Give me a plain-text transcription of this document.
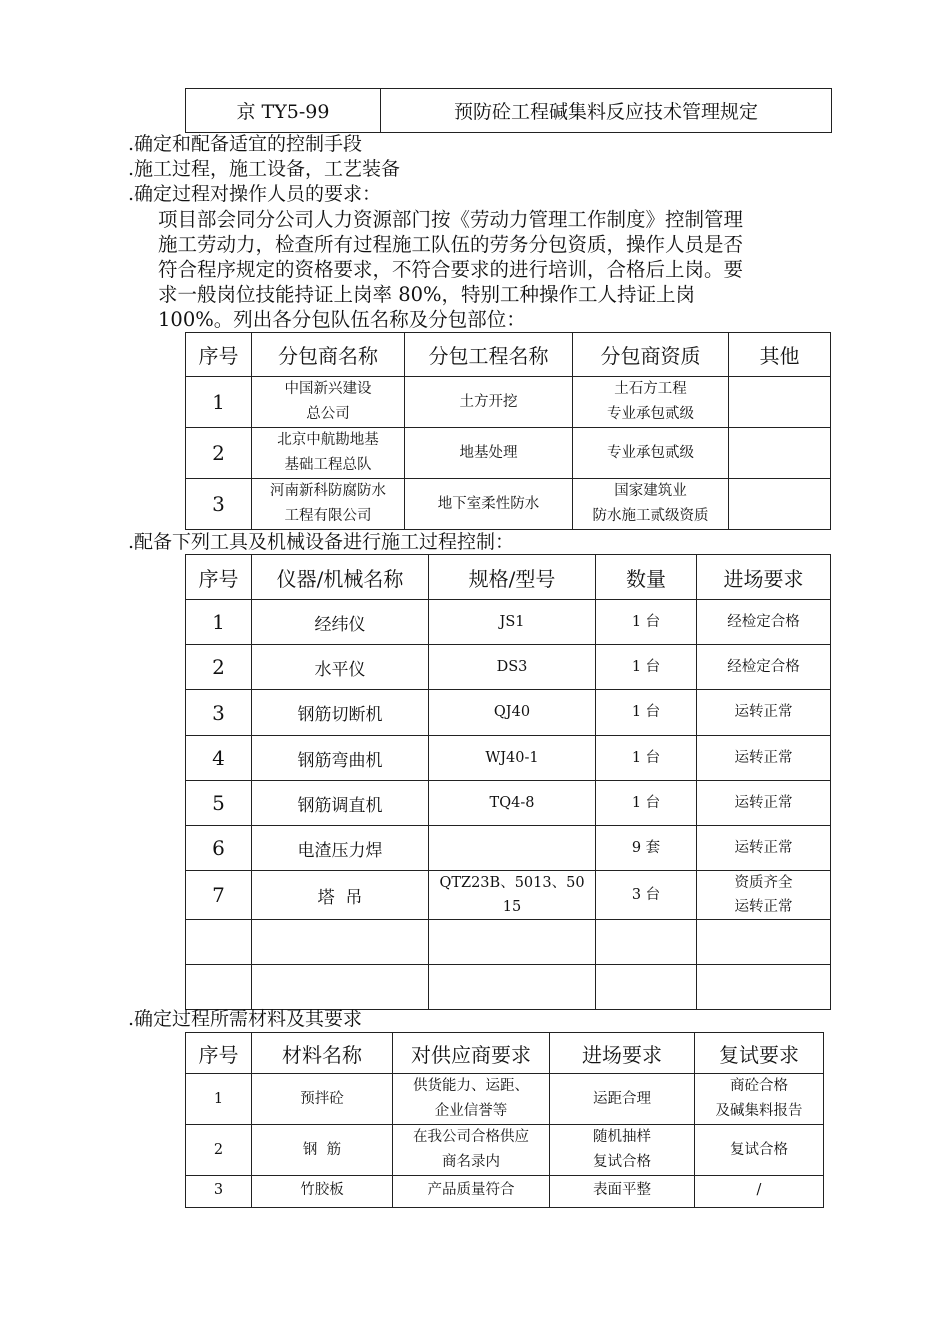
京 TY5-99	预防砼工程碱集料反应技术管理规定
.确定和配备适宜的控制手段
.施工过程，施工设备，工艺装备
.确定过程对操作人员的要求：
项目部会同分公司人力资源部门按《劳动力管理工作制度》控制管理
施工劳动力，检查所有过程施工队伍的劳务分包资质，操作人员是否
符合程序规定的资格要求，不符合要求的进行培训，合格后上岗。要
求一般岗位技能持证上岗率 80%，特别工种操作工人持证上岗
100%。列出各分包队伍名称及分包部位：
序号	分包商名称	分包工程名称	分包商资质	其他
1	中国新兴建设
总公司	土方开挖	土石方工程
专业承包贰级	

2	北京中航勘地基
基础工程总队	地基处理	专业承包贰级	
3	河南新科防腐防水
工程有限公司	地下室柔性防水	国家建筑业
防水施工贰级资质	

.配备下列工具及机械设备进行施工过程控制：
序号	仪器/机械名称	规格/型号	数量	进场要求
1	经纬仪	JS1	1 台	经检定合格
2	水平仪	DS3	1 台	经检定合格
3	钢筋切断机	QJ40	1 台	运转正常
4	钢筋弯曲机	WJ40-1	1 台	运转正常
5	钢筋调直机	TQ4-8	1 台	运转正常
6	电渣压力焊		9 套	运转正常
7	塔  吊	QTZ23B、5013、50
15	3 台	资质齐全
运转正常

.确定过程所需材料及其要求
序号	材料名称	对供应商要求	进场要求	复试要求
1	预拌砼	供货能力、运距、
企业信誉等	运距合理	商砼合格
及碱集料报告

2	钢  筋	在我公司合格供应
商名录内	随机抽样
复试合格	复试合格
3	竹胶板	产品质量符合	表面平整	/
